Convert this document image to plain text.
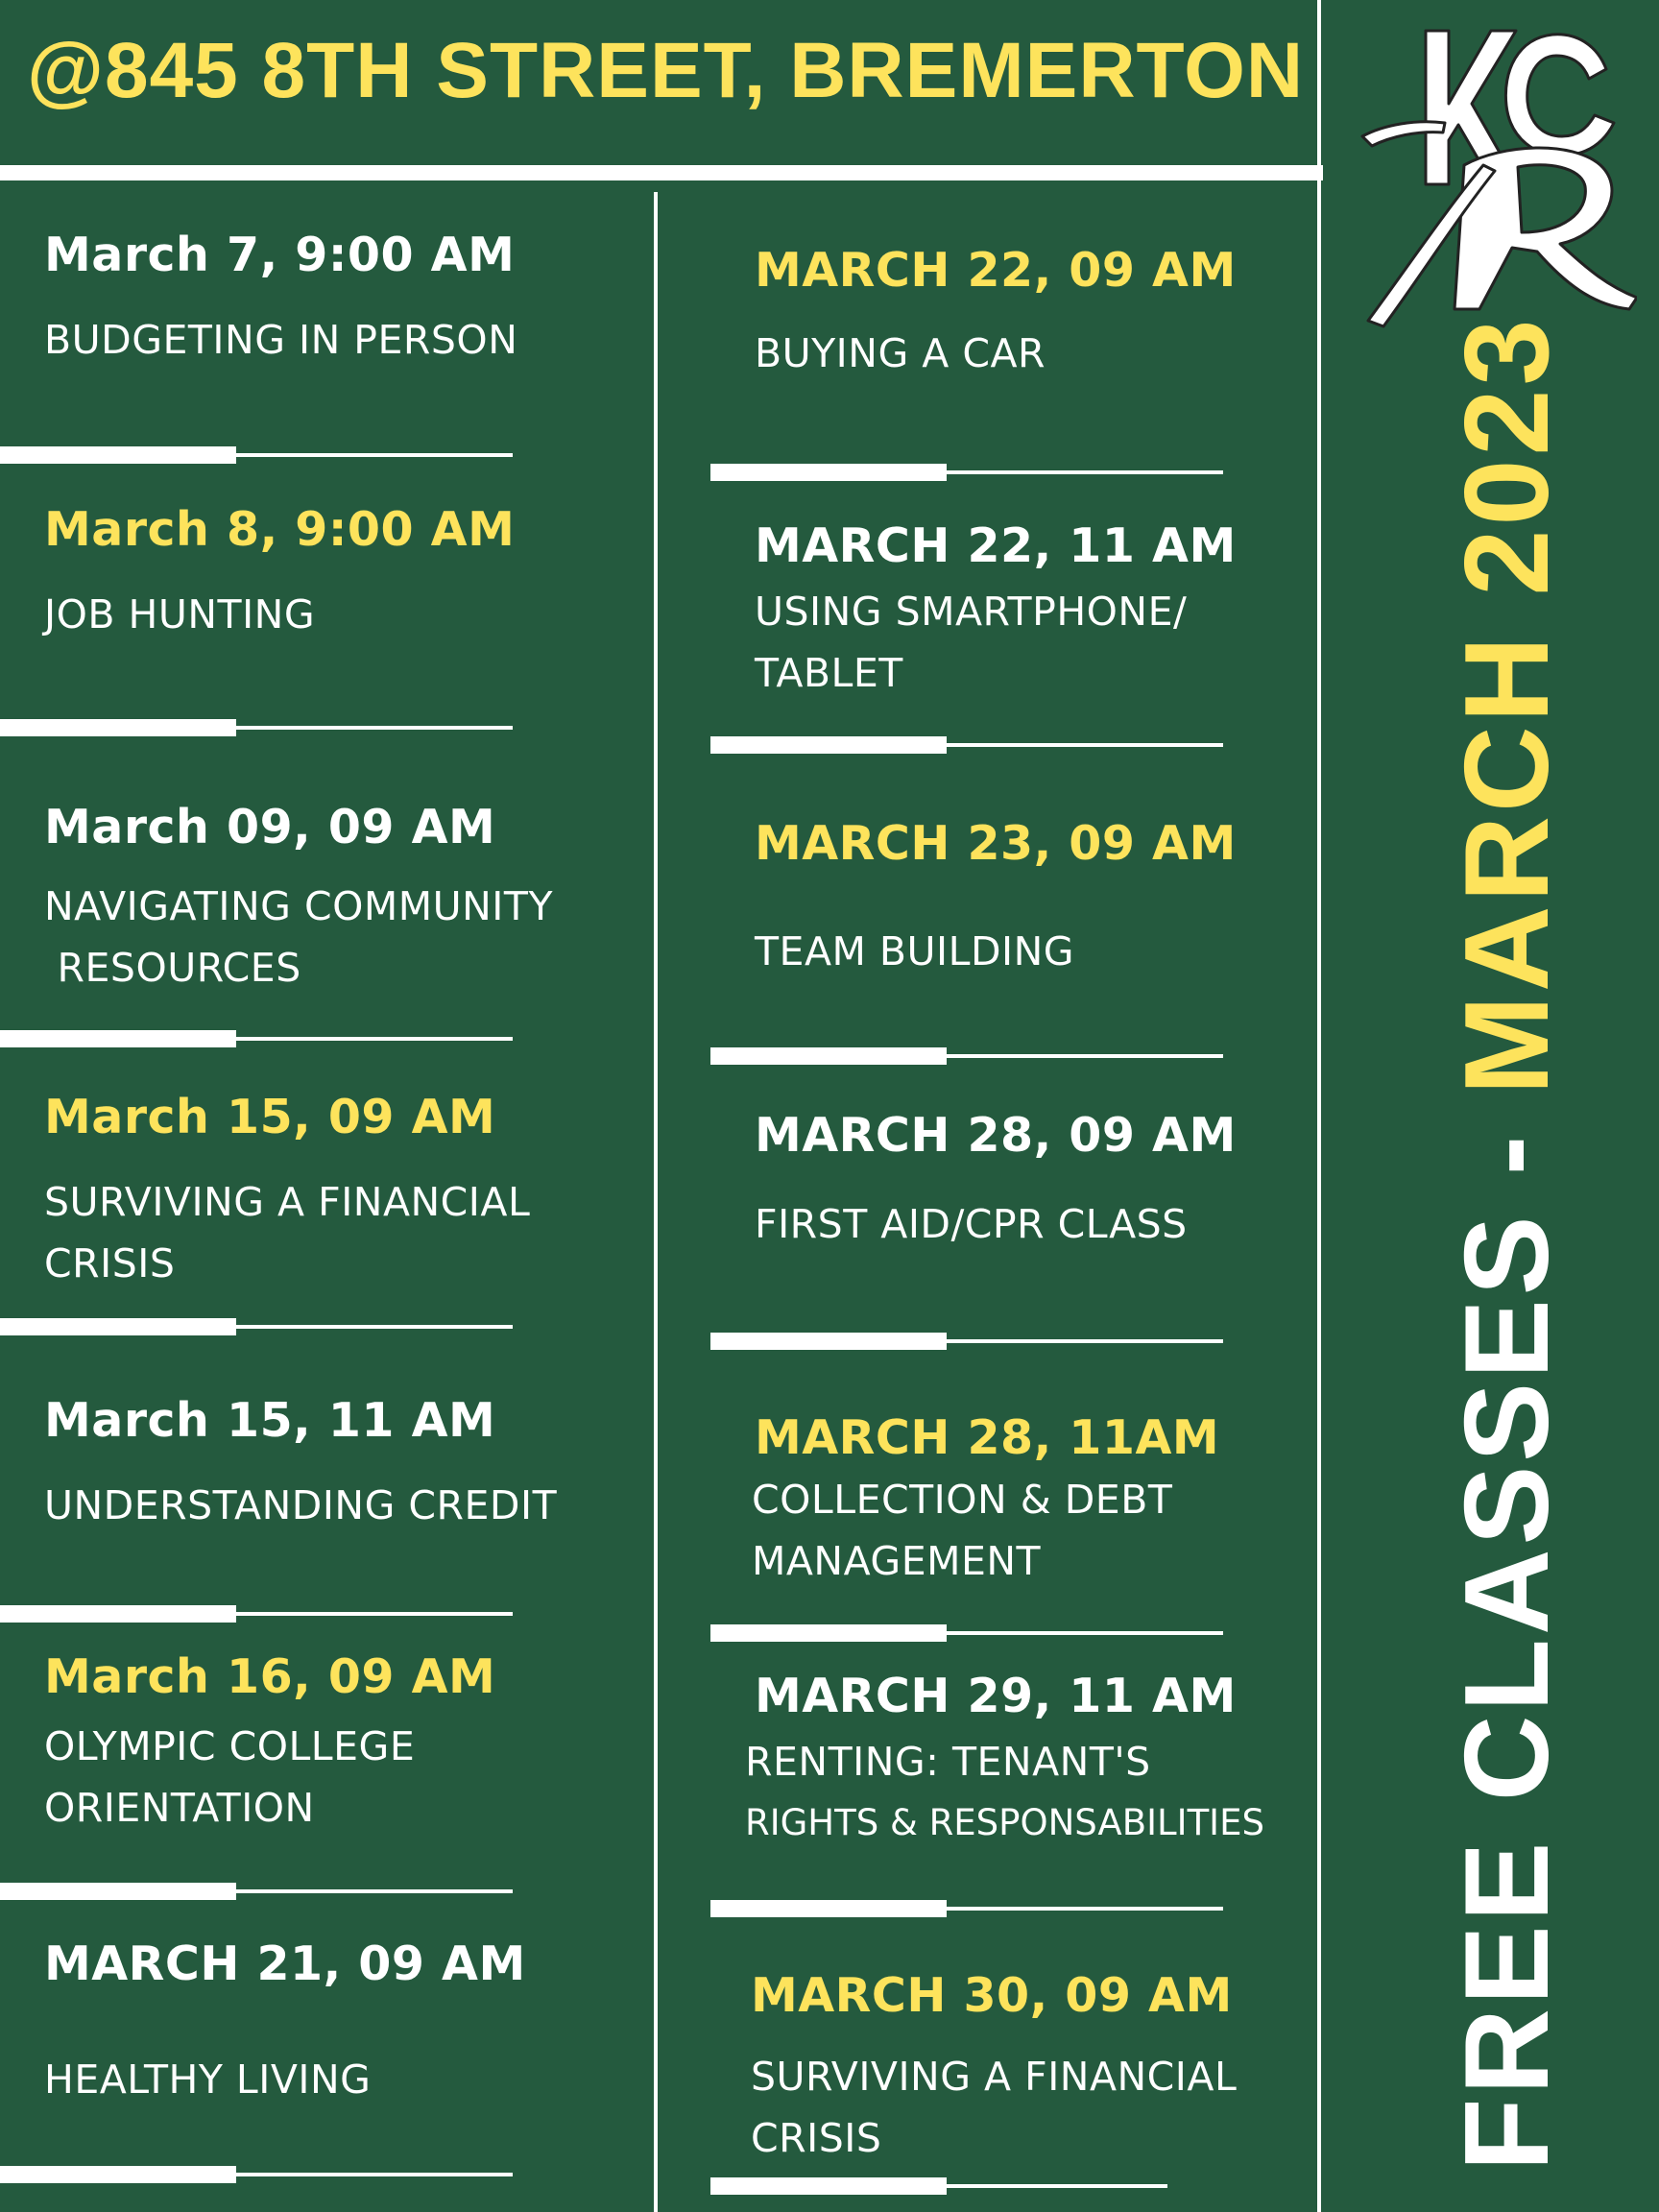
@845 8TH STREET, BREMERTON
March 7, 9:00 AM
BUDGETING IN PERSON
March 8, 9:00 AM
JOB HUNTING
March 09, 09 AM
NAVIGATING COMMUNITY
RESOURCES
March 15, 09 AM
SURVIVING A FINANCIAL
CRISIS
March 15, 11 AM
UNDERSTANDING CREDIT
March 16, 09 AM
OLYMPIC COLLEGE
ORIENTATION
MARCH 21, 09 AM
HEALTHY LIVING
MARCH 22, 09 AM
BUYING A CAR
MARCH 22, 11 AM
USING SMARTPHONE/
TABLET
MARCH 23, 09 AM
TEAM BUILDING
MARCH 28, 09 AM
FIRST AID/CPR CLASS
MARCH 28, 11AM
COLLECTION & DEBT
MANAGEMENT
MARCH 29, 11 AM
RENTING: TENANT'S
RIGHTS & RESPONSABILITIES
MARCH 30, 09 AM
SURVIVING A FINANCIAL
CRISIS	FREE CLASSES - MARCH 2023
